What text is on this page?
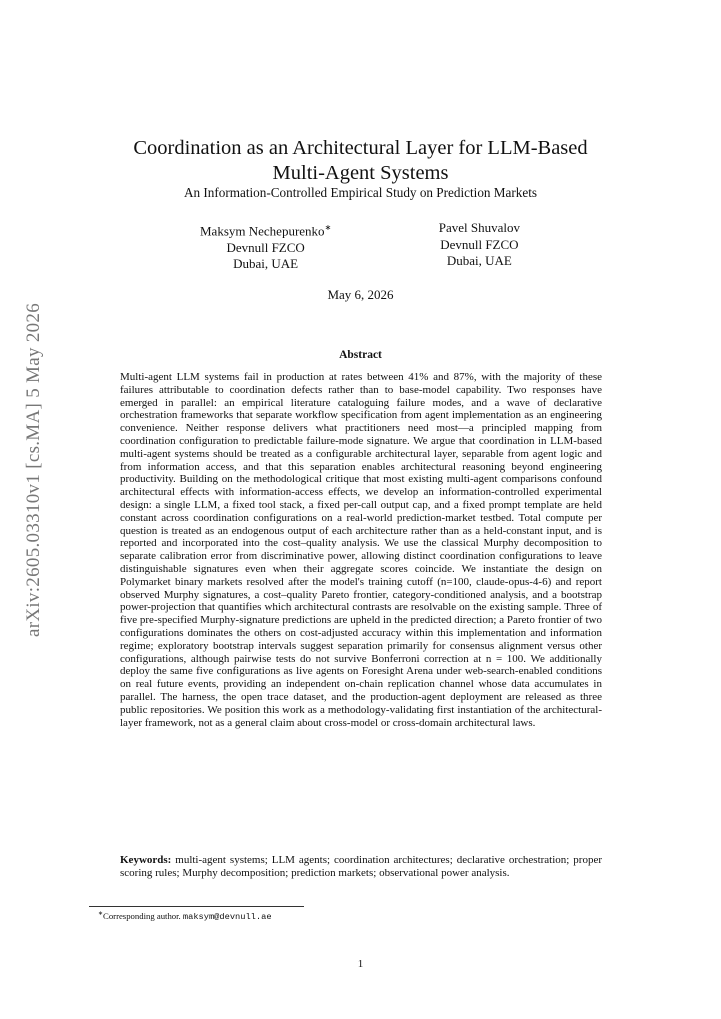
arXiv:2605.03310v1 [cs.MA] 5 May 2026
Coordination as an Architectural Layer for LLM-Based
Multi-Agent Systems
An Information-Controlled Empirical Study on Prediction Markets
Maksym Nechepurenko∗
Devnull FZCO
Dubai, UAE
Pavel Shuvalov
Devnull FZCO
Dubai, UAE
May 6, 2026
Abstract
Multi-agent LLM systems fail in production at rates between 41% and 87%, with the majority of these failures attributable to coordination defects rather than to base-model capability. Two responses have emerged in parallel: an empirical literature cataloguing failure modes, and a wave of declarative orchestration frameworks that separate workflow specification from agent implementation as an engineering convenience. Neither response delivers what practitioners need most—a principled mapping from coordination configuration to predictable failure-mode signature. We argue that coordination in LLM-based multi-agent systems should be treated as a configurable architectural layer, separable from agent logic and from information access, and that this separation enables architectural reasoning beyond engineering productivity. Building on the methodological critique that most existing multi-agent comparisons confound architectural effects with information-access effects, we develop an information-controlled experimental design: a single LLM, a fixed tool stack, a fixed per-call output cap, and a fixed prompt template are held constant across coordination configurations on a real-world prediction-market testbed. Total compute per question is treated as an endogenous output of each architecture rather than as a held-constant input, and is reported and incorporated into the cost–quality analysis. We use the classical Murphy decomposition to separate calibration error from discriminative power, allowing distinct coordination configurations to leave distinguishable signatures even when their aggregate scores coincide. We instantiate the design on Polymarket binary markets resolved after the model's training cutoff (n=100, claude-opus-4-6) and report observed Murphy signatures, a cost–quality Pareto frontier, category-conditioned analysis, and a bootstrap power-projection that quantifies which architectural contrasts are resolvable on the existing sample. Three of five pre-specified Murphy-signature predictions are upheld in the predicted direction; a Pareto frontier of two configurations dominates the others on cost-adjusted accuracy within this implementation and information regime; exploratory bootstrap intervals suggest separation primarily for consensus alignment versus other configurations, although pairwise tests do not survive Bonferroni correction at n = 100. We additionally deploy the same five configurations as live agents on Foresight Arena under web-search-enabled conditions on real future events, providing an independent on-chain replication channel whose data accumulates in parallel. The harness, the open trace dataset, and the production-agent deployment are released as three public repositories. We position this work as a methodology-validating first instantiation of the architectural-layer framework, not as a general claim about cross-model or cross-domain architectural laws.
Keywords: multi-agent systems; LLM agents; coordination architectures; declarative orchestration; proper scoring rules; Murphy decomposition; prediction markets; observational power analysis.
∗Corresponding author. maksym@devnull.ae
1
